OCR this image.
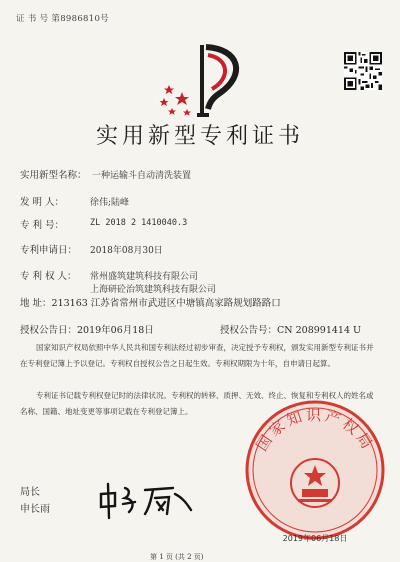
证 书 号 第8986810号
实用新型专利证书
实用新型名称： 一种运输斗自动清洗装置
发 明 人：	徐伟;陆峰
专 利 号：	ZL 2018 2 1410040.3
专利申请日： 2018年08月30日
专 利 权 人： 常州盛筑建筑科技有限公司
上海研砼治筑建筑科技有限公司
地 址：213163 江苏省常州市武进区中塘镇高家路规划路路口
授权公告日：2019年06月18日	授权公告号：CN 208991414 U
国家知识产权局依照中华人民共和国专利法经过初步审查，决定授予专利权，颁发实用新型专利证书并在专利登记簿上予以登记。专利权自授权公告之日起生效。专利权期限为十年，自申请日起算。
专利证书记载专利权登记时的法律状况。专利权的转移、质押、无效、终止、恢复和专利权人的姓名或名称、国籍、地址变更等事项记载在专利登记簿上。
局长
申长雨
国家知识产权局
2019年06月18日
第 1 页 (共 2 页)
